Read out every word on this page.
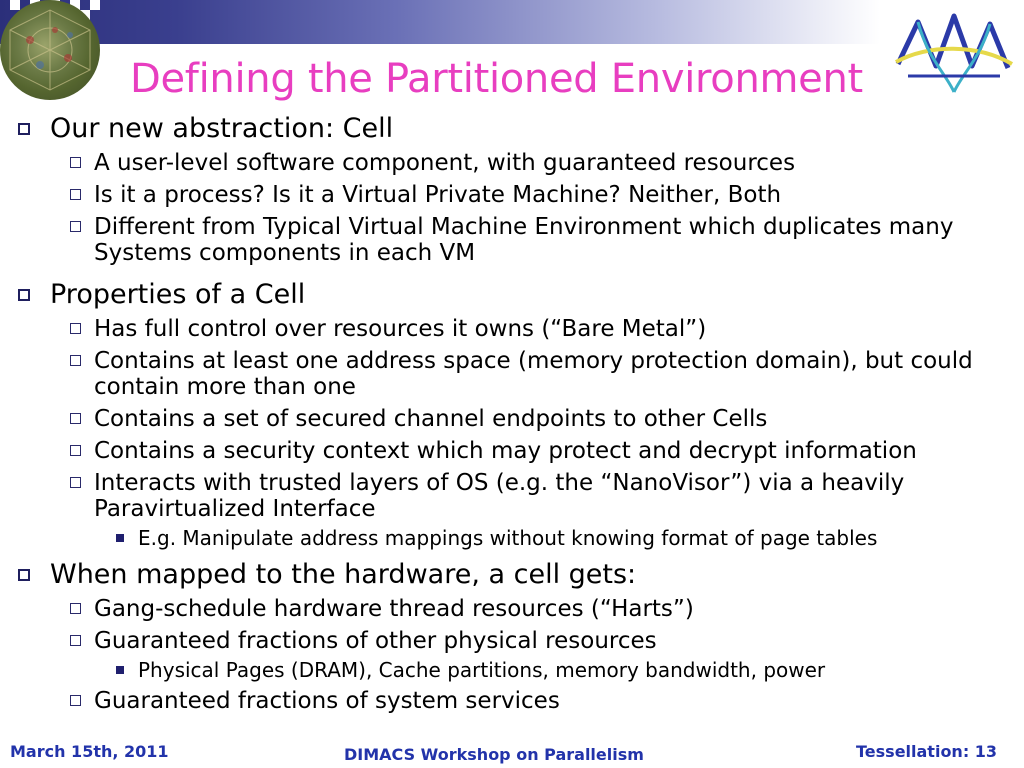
Defining the Partitioned Environment
Our new abstraction: Cell
A user-level software component, with guaranteed resources
Is it a process? Is it a Virtual Private Machine? Neither, Both
Different from Typical Virtual Machine Environment which duplicates many Systems components in each VM
Properties of a Cell
Has full control over resources it owns (“Bare Metal”)
Contains at least one address space (memory protection domain), but could contain more than one
Contains a set of secured channel endpoints to other Cells
Contains a security context which may protect and decrypt information
Interacts with trusted layers of OS (e.g. the “NanoVisor”) via a heavily Paravirtualized Interface
E.g. Manipulate address mappings without knowing format of page tables
When mapped to the hardware, a cell gets:
Gang-schedule hardware thread resources (“Harts”)
Guaranteed fractions of other physical resources
Physical Pages (DRAM), Cache partitions, memory bandwidth, power
Guaranteed fractions of system services
March 15th, 2011	DIMACS Workshop on Parallelism	Tessellation: 13
